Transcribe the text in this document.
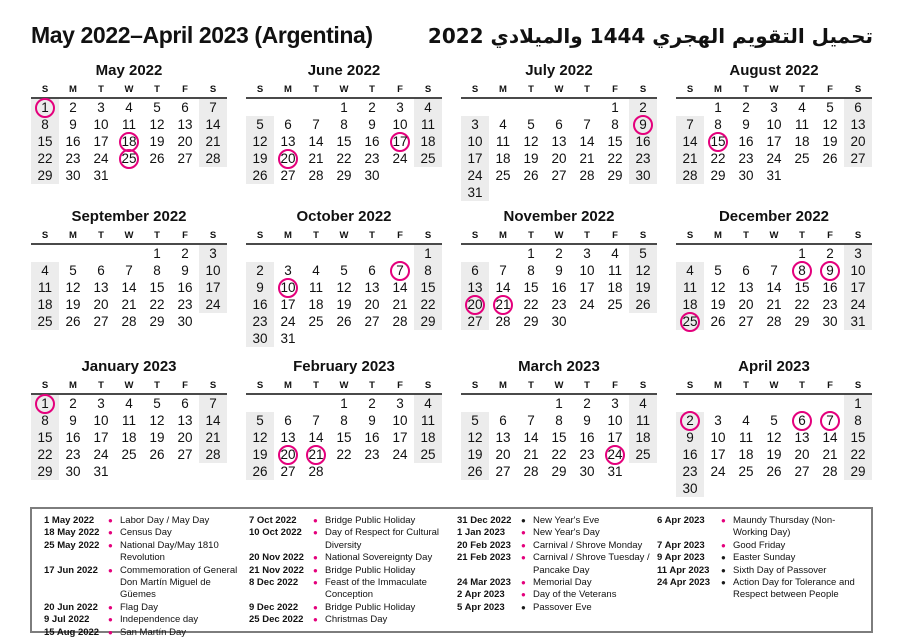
May 2022–April 2023 (Argentina)	تحميل التقويم الهجري 1444 والميلادي 2022
May 2022
S	M	T	W	T	F	S
1	2	3	4	5	6	7
8	9	10	11	12	13	14
15	16	17	18	19	20	21
22	23	24	25	26	27	28
29	30	31				
June 2022
S	M	T	W	T	F	S
			1	2	3	4
5	6	7	8	9	10	11
12	13	14	15	16	17	18
19	20	21	22	23	24	25
26	27	28	29	30		
July 2022
S	M	T	W	T	F	S
					1	2
3	4	5	6	7	8	9

10	11	12	13	14	15	16
17	18	19	20	21	22	23
24	25	26	27	28	29	30
31						
August 2022
S	M	T	W	T	F	S
	1	2	3	4	5	6
7	8	9	10	11	12	13
14	15	16	17	18	19	20
21	22	23	24	25	26	27
28	29	30	31			
September 2022
S	M	T	W	T	F	S
				1	2	3
4	5	6	7	8	9	10
11	12	13	14	15	16	17
18	19	20	21	22	23	24
25	26	27	28	29	30	
October 2022
S	M	T	W	T	F	S
						1
2	3	4	5	6	7	8
9	10	11	12	13	14	15
16	17	18	19	20	21	22
23	24	25	26	27	28	29
30	31					
November 2022
S	M	T	W	T	F	S
		1	2	3	4	5
6	7	8	9	10	11	12
13	14	15	16	17	18	19
20	21	22	23	24	25	26
27	28	29	30			
December 2022
S	M	T	W	T	F	S
				1	2	3
4	5	6	7	8	9	10
11	12	13	14	15	16	17
18	19	20	21	22	23	24
25	26	27	28	29	30	31
January 2023
S	M	T	W	T	F	S
1	2	3	4	5	6	7
8	9	10	11	12	13	14
15	16	17	18	19	20	21
22	23	24	25	26	27	28
29	30	31				
February 2023
S	M	T	W	T	F	S
			1	2	3	4
5	6	7	8	9	10	11
12	13	14	15	16	17	18
19	20	21	22	23	24	25
26	27	28				
March 2023
S	M	T	W	T	F	S
			1	2	3	4
5	6	7	8	9	10	11
12	13	14	15	16	17	18
19	20	21	22	23	24	25
26	27	28	29	30	31	
April 2023
S	M	T	W	T	F	S
						1
2	3	4	5	6	7	8
9	10	11	12	13	14	15
16	17	18	19	20	21	22
23	24	25	26	27	28	29
30						
1 May 2022	● Labor Day / May Day
18 May 2022	● Census Day
25 May 2022	● National Day/May 1810 Revolution
17 Jun 2022	● Commemoration of General Don Martín Miguel de Güemes
20 Jun 2022	● Flag Day
9 Jul 2022	● Independence day
15 Aug 2022	● San Martín Day
7 Oct 2022	● Bridge Public Holiday
10 Oct 2022	● Day of Respect for Cultural Diversity
20 Nov 2022	● National Sovereignty Day
21 Nov 2022	● Bridge Public Holiday
8 Dec 2022	● Feast of the Immaculate Conception
9 Dec 2022	● Bridge Public Holiday
25 Dec 2022	● Christmas Day
31 Dec 2022	● New Year's Eve
1 Jan 2023	● New Year's Day
20 Feb 2023	● Carnival / Shrove Monday
21 Feb 2023	● Carnival / Shrove Tuesday / Pancake Day
24 Mar 2023	● Memorial Day
2 Apr 2023	● Day of the Veterans
5 Apr 2023	● Passover Eve
6 Apr 2023	● Maundy Thursday (Non-Working Day)
7 Apr 2023	● Good Friday
9 Apr 2023	● Easter Sunday
11 Apr 2023	● Sixth Day of Passover
24 Apr 2023	● Action Day for Tolerance and Respect between People
